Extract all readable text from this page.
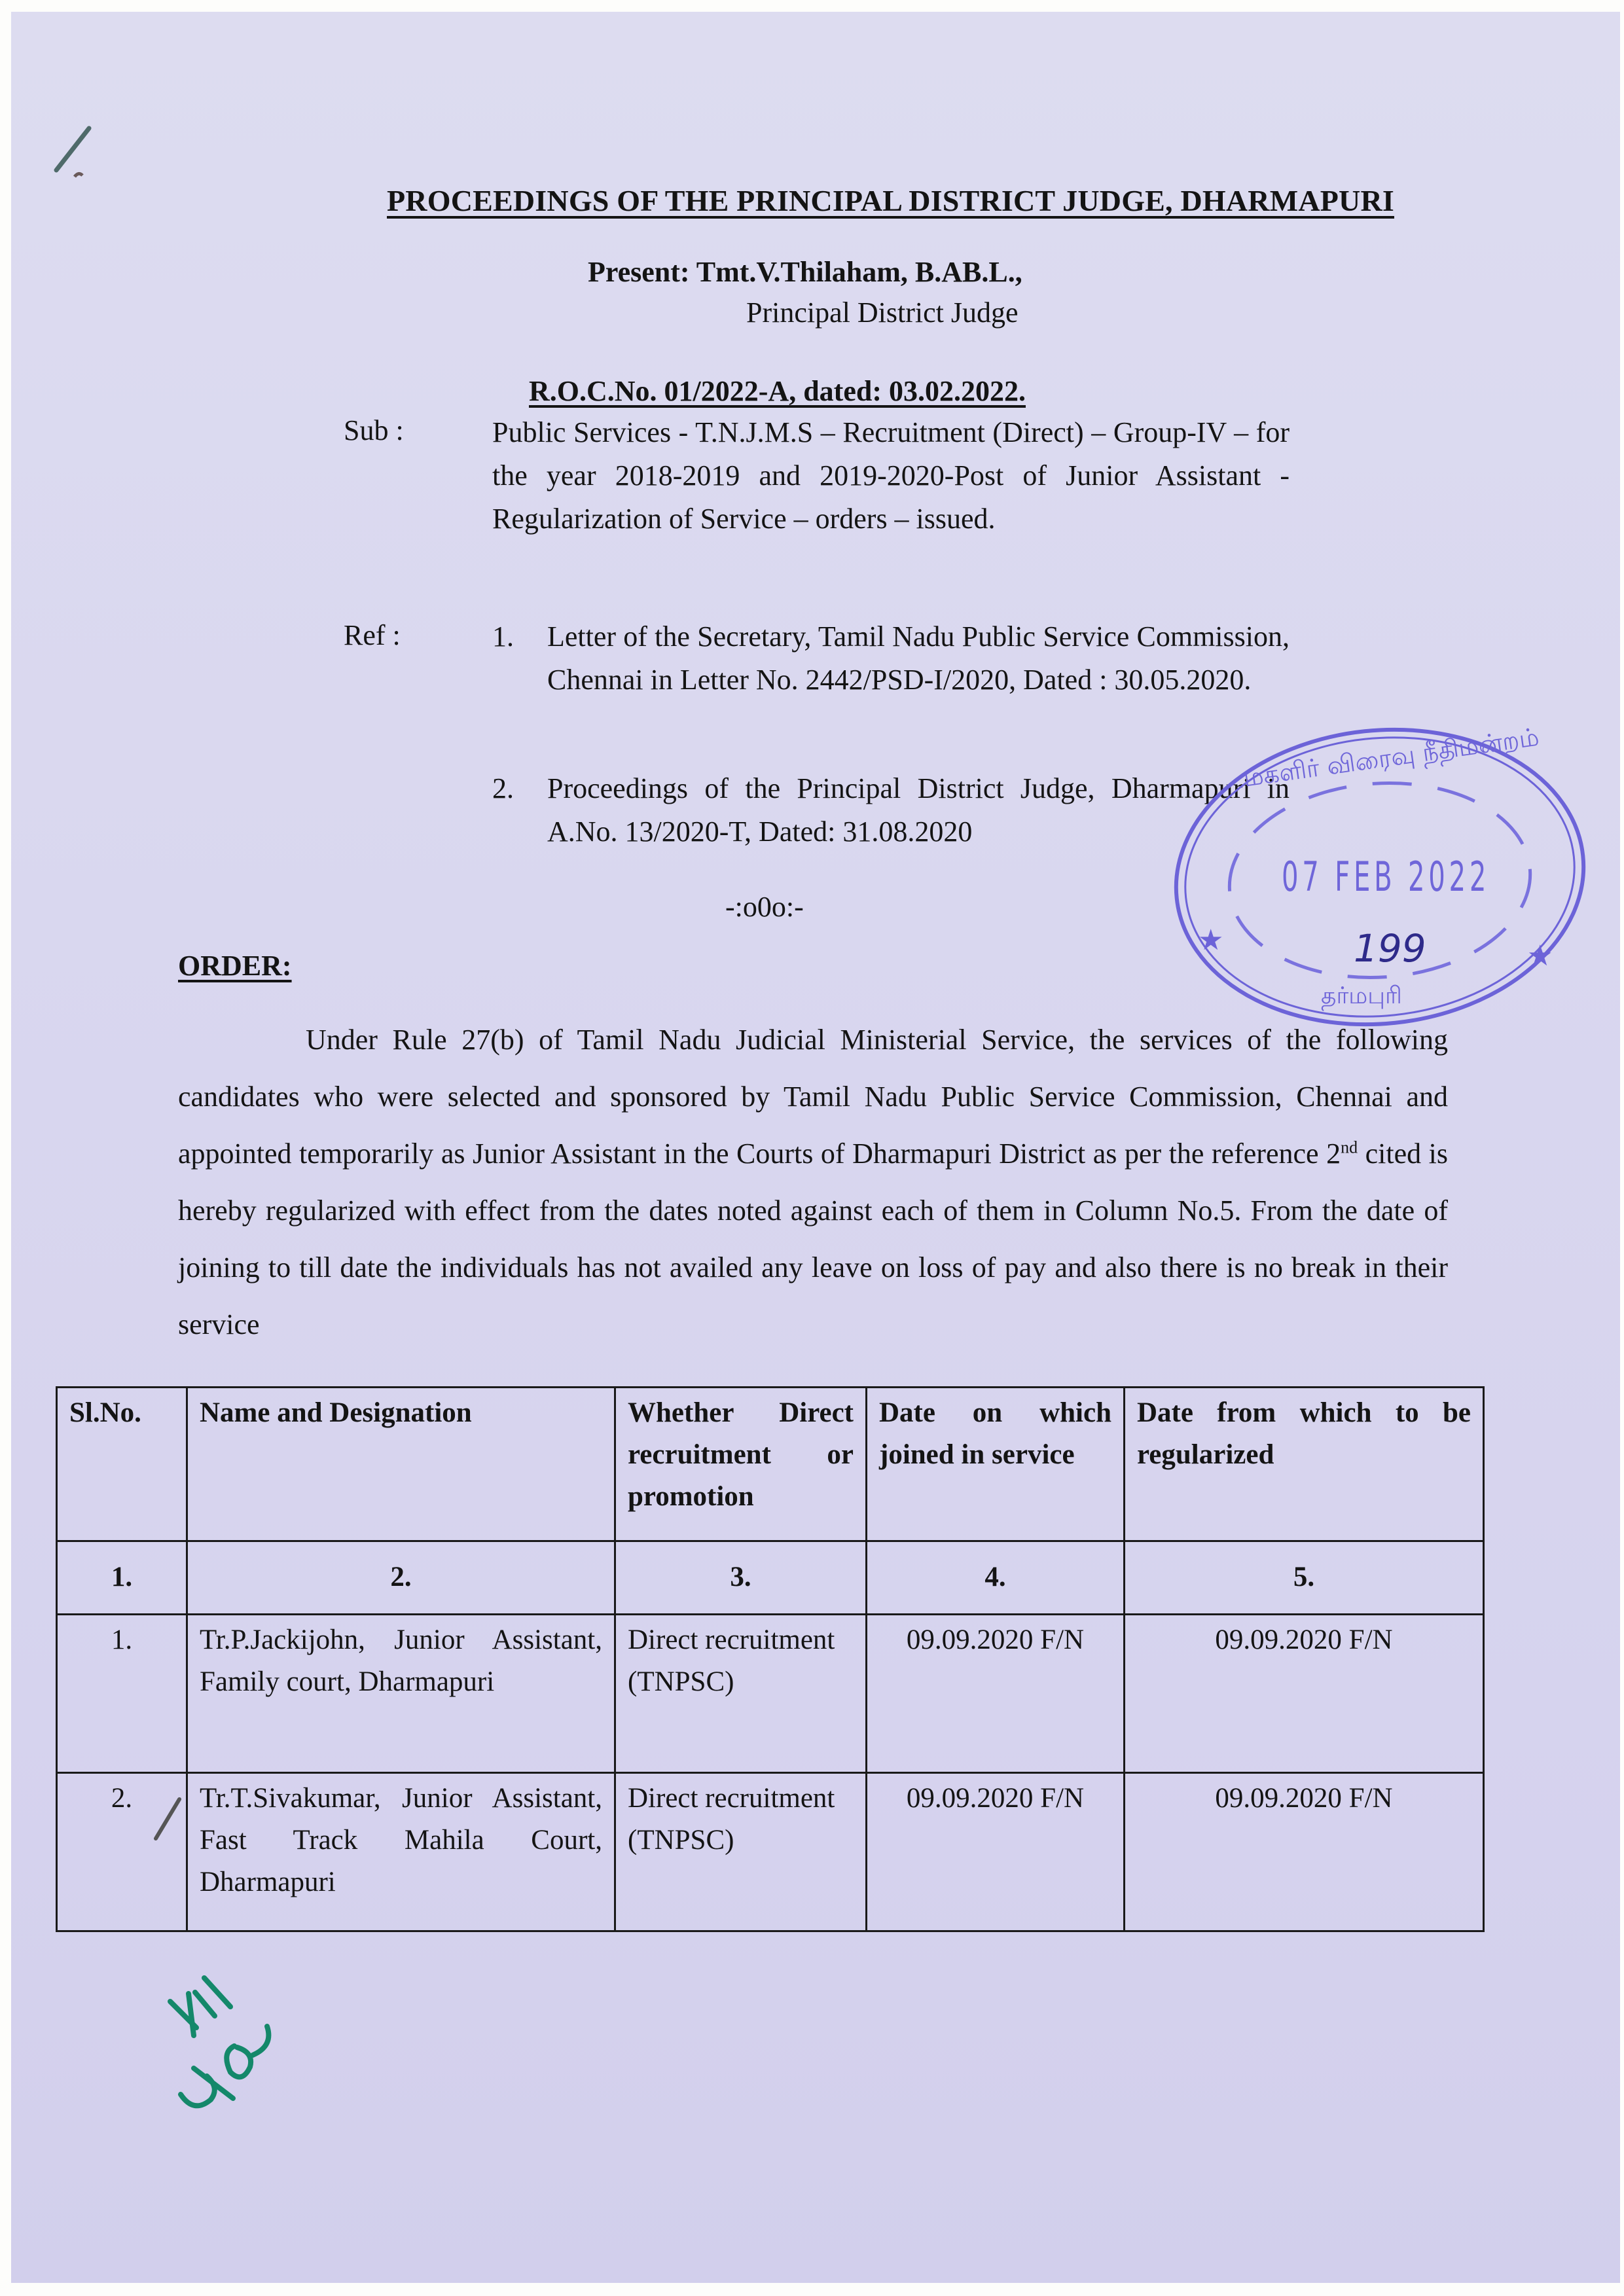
PROCEEDINGS OF THE PRINCIPAL DISTRICT JUDGE, DHARMAPURI
Present: Tmt.V.Thilaham, B.AB.L.,
Principal District Judge
R.O.C.No. 01/2022-A, dated: 03.02.2022.
Sub :	Public Services - T.N.J.M.S – Recruitment (Direct) – Group-IV – for the year 2018-2019 and 2019-2020-Post of Junior Assistant - Regularization of Service – orders – issued.
Ref :	1. Letter of the Secretary, Tamil Nadu Public Service Commission, Chennai in Letter No. 2442/PSD-I/2020, Dated : 30.05.2020.
2. Proceedings of the Principal District Judge, Dharmapuri in A.No. 13/2020-T, Dated: 31.08.2020
-:o0o:-
★	★
மகளிர் விரைவு நீதிமன்றம்
07 FEB 2022
199
தர்மபுரி
ORDER:
Under Rule 27(b) of Tamil Nadu Judicial Ministerial Service, the services of the following candidates who were selected and sponsored by Tamil Nadu Public Service Commission, Chennai and appointed temporarily as Junior Assistant in the Courts of Dharmapuri District as per the reference 2nd cited is hereby regularized with effect from the dates noted against each of them in Column No.5. From the date of joining to till date the individuals has not availed any leave on loss of pay and also there is no break in their service
Sl.No.	Name and Designation	Whether Direct recruitment or promotion	Date on which joined in service	Date from which to be regularized
1.	2.	3.	4.	5.
1.	Tr.P.Jackijohn, Junior Assistant, Family court, Dharmapuri	Direct recruitment (TNPSC)	09.09.2020 F/N	09.09.2020 F/N
2.	Tr.T.Sivakumar, Junior Assistant, Fast Track Mahila Court, Dharmapuri	Direct recruitment (TNPSC)	09.09.2020 F/N	09.09.2020 F/N
